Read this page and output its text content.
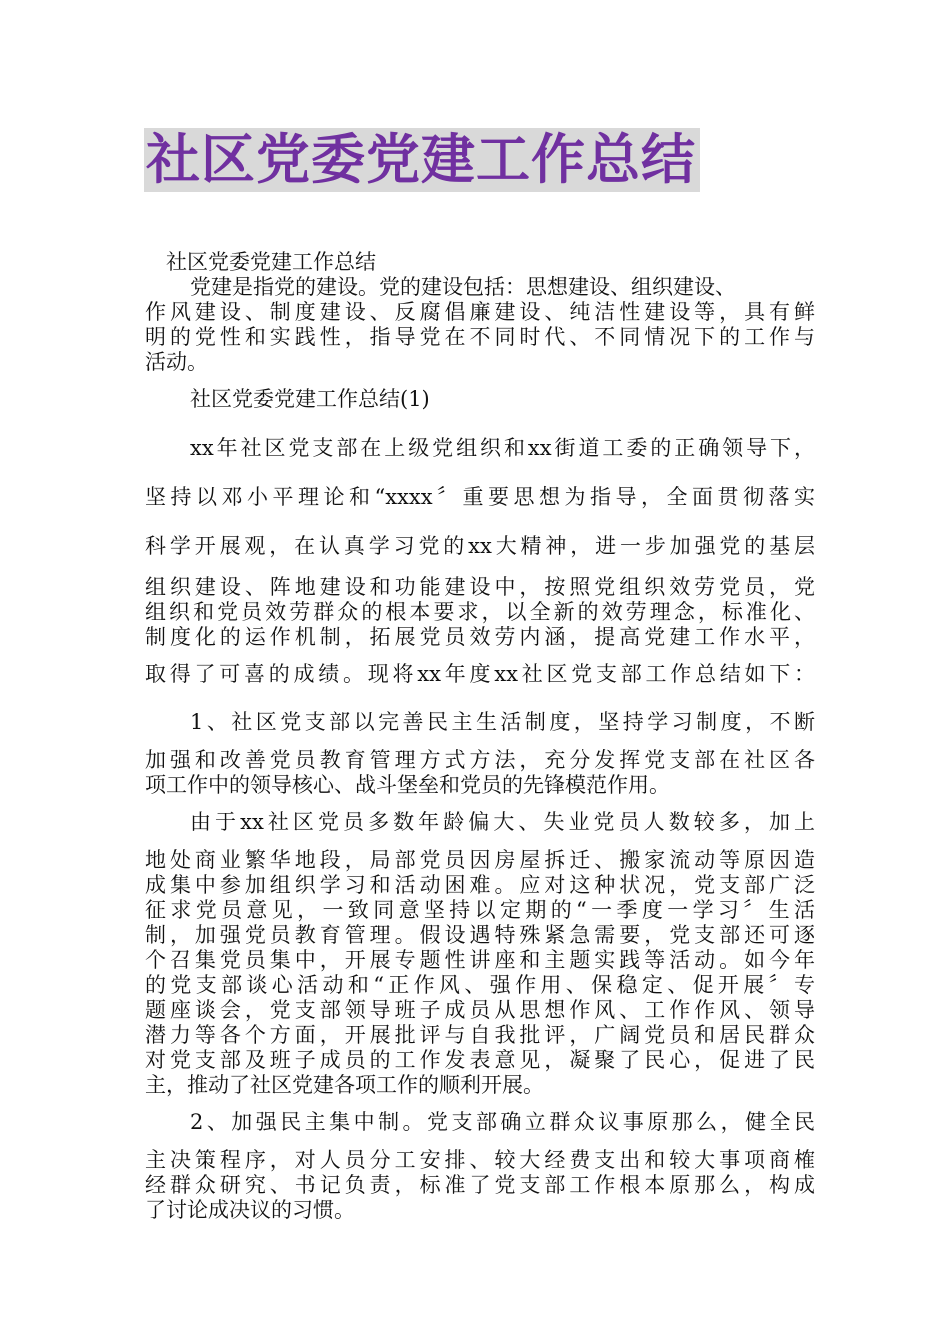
社区党委党建工作总结
社区党委党建工作总结
党建是指党的建设。党的建设包括：思想建设、组织建设、
作风建设、制度建设、反腐倡廉建设、纯洁性建设等，具有鲜
明的党性和实践性，指导党在不同时代、不同情况下的工作与
活动。
社区党委党建工作总结(1)
xx年社区党支部在上级党组织和xx街道工委的正确领导下，
坚持以邓小平理论和“xxxx〞重要思想为指导，全面贯彻落实
科学开展观，在认真学习党的xx大精神，进一步加强党的基层
组织建设、阵地建设和功能建设中，按照党组织效劳党员，党
组织和党员效劳群众的根本要求，以全新的效劳理念，标准化、
制度化的运作机制，拓展党员效劳内涵，提高党建工作水平，
取得了可喜的成绩。现将xx年度xx社区党支部工作总结如下：
1、社区党支部以完善民主生活制度，坚持学习制度，不断
加强和改善党员教育管理方式方法，充分发挥党支部在社区各
项工作中的领导核心、战斗堡垒和党员的先锋模范作用。
由于xx社区党员多数年龄偏大、失业党员人数较多，加上
地处商业繁华地段，局部党员因房屋拆迁、搬家流动等原因造
成集中参加组织学习和活动困难。应对这种状况，党支部广泛
征求党员意见，一致同意坚持以定期的“一季度一学习〞生活
制，加强党员教育管理。假设遇特殊紧急需要，党支部还可逐
个召集党员集中，开展专题性讲座和主题实践等活动。如今年
的党支部谈心活动和“正作风、强作用、保稳定、促开展〞专
题座谈会，党支部领导班子成员从思想作风、工作作风、领导
潜力等各个方面，开展批评与自我批评，广阔党员和居民群众
对党支部及班子成员的工作发表意见，凝聚了民心，促进了民
主，推动了社区党建各项工作的顺利开展。
2、加强民主集中制。党支部确立群众议事原那么，健全民
主决策程序，对人员分工安排、较大经费支出和较大事项商榷
经群众研究、书记负责，标准了党支部工作根本原那么，构成
了讨论成决议的习惯。
